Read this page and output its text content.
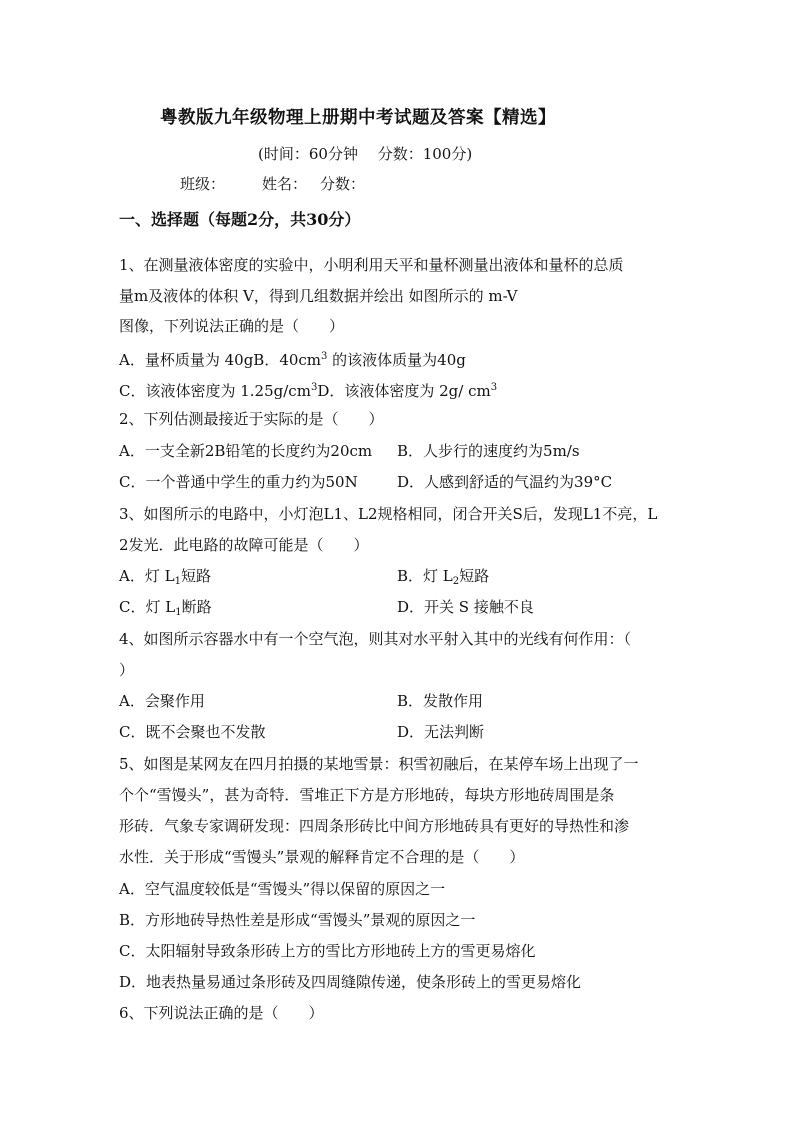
粤教版九年级物理上册期中考试题及答案【精选】
(时间：60分钟　 分数：100分)
班级： 姓名： 分数：
一、选择题（每题2分，共30分）
1、在测量液体密度的实验中，小明利用天平和量杯测量出液体和量杯的总质
量m及液体的体积 V，得到几组数据并绘出 如图所示的 m-V
图像，下列说法正确的是（　　）
A．量杯质量为 40gB．$40cm^3$ 的该液体质量为40g
C．该液体密度为 $1.25g/cm^3D$．该液体密度为 2g/ $cm^3$
2、下列估测最接近于实际的是（　　）
A．一支全新2B铅笔的长度约为20cm B．人步行的速度约为5m/s
C．一个普通中学生的重力约为50N	D．人感到舒适的气温约为39°C
3、如图所示的电路中，小灯泡L1、L2规格相同，闭合开关S后，发现L1不亮，L
2发光．此电路的故障可能是（　　）
A．灯 $L_1$短路	B．灯 $L_2$短路
C．灯 $L_1$断路	D．开关 S 接触不良
4、如图所示容器水中有一个空气泡，则其对水平射入其中的光线有何作用：（
）
A．会聚作用	B．发散作用
C．既不会聚也不发散	D．无法判断
5、如图是某网友在四月拍摄的某地雪景：积雪初融后，在某停车场上出现了一
个个“雪馒头”，甚为奇特．雪堆正下方是方形地砖，每块方形地砖周围是条
形砖．气象专家调研发现：四周条形砖比中间方形地砖具有更好的导热性和渗
水性．关于形成“雪馒头”景观的解释肯定不合理的是（　　）
A．空气温度较低是“雪馒头”得以保留的原因之一
B．方形地砖导热性差是形成“雪馒头”景观的原因之一
C．太阳辐射导致条形砖上方的雪比方形地砖上方的雪更易熔化
D．地表热量易通过条形砖及四周缝隙传递，使条形砖上的雪更易熔化
6、下列说法正确的是（　　）
